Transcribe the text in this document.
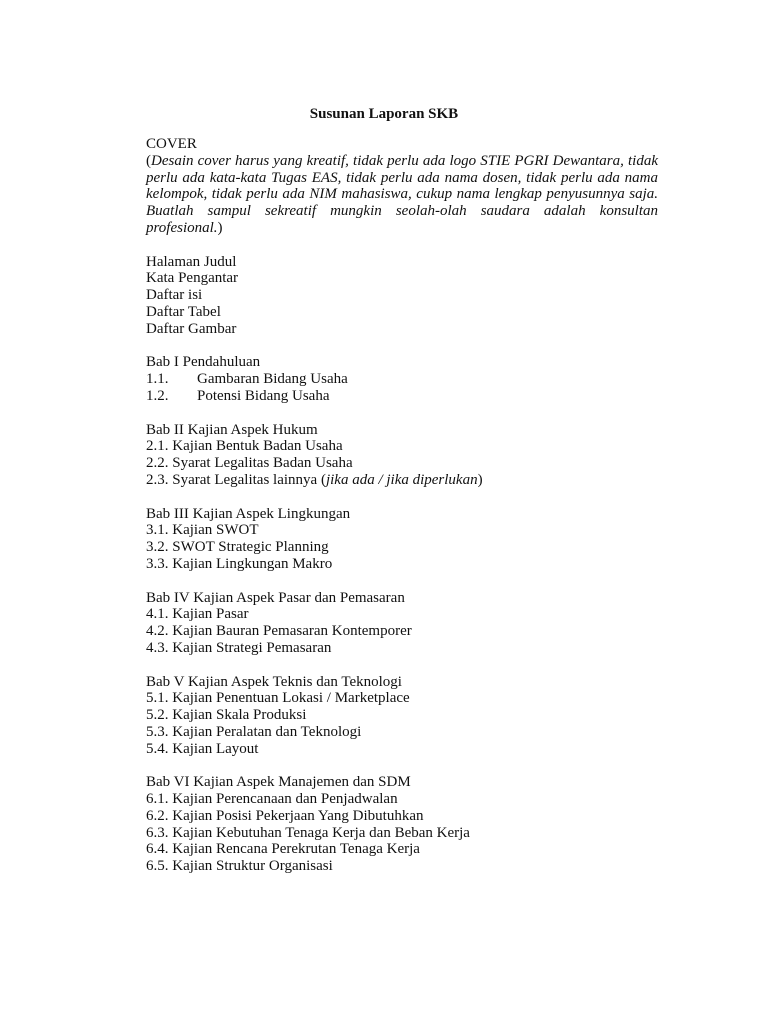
Susunan Laporan SKB
COVER
(Desain cover harus yang kreatif, tidak perlu ada logo STIE PGRI Dewantara, tidak perlu ada kata-kata Tugas EAS, tidak perlu ada nama dosen, tidak perlu ada nama kelompok, tidak perlu ada NIM mahasiswa, cukup nama lengkap penyusunnya saja. Buatlah sampul sekreatif mungkin seolah-olah saudara adalah konsultan profesional.)
Halaman Judul
Kata Pengantar
Daftar isi
Daftar Tabel
Daftar Gambar
Bab I Pendahuluan
1.1.	Gambaran Bidang Usaha
1.2.	Potensi Bidang Usaha
Bab II Kajian Aspek Hukum
2.1. Kajian Bentuk Badan Usaha
2.2. Syarat Legalitas Badan Usaha
2.3. Syarat Legalitas lainnya (jika ada / jika diperlukan)
Bab III Kajian Aspek Lingkungan
3.1. Kajian SWOT
3.2. SWOT Strategic Planning
3.3. Kajian Lingkungan Makro
Bab IV Kajian Aspek Pasar dan Pemasaran
4.1. Kajian Pasar
4.2. Kajian Bauran Pemasaran Kontemporer
4.3. Kajian Strategi Pemasaran
Bab V Kajian Aspek Teknis dan Teknologi
5.1. Kajian Penentuan Lokasi / Marketplace
5.2. Kajian Skala Produksi
5.3. Kajian Peralatan dan Teknologi
5.4. Kajian Layout
Bab VI Kajian Aspek Manajemen dan SDM
6.1. Kajian Perencanaan dan Penjadwalan
6.2. Kajian Posisi Pekerjaan Yang Dibutuhkan
6.3. Kajian Kebutuhan Tenaga Kerja dan Beban Kerja
6.4. Kajian Rencana Perekrutan Tenaga Kerja
6.5. Kajian Struktur Organisasi
